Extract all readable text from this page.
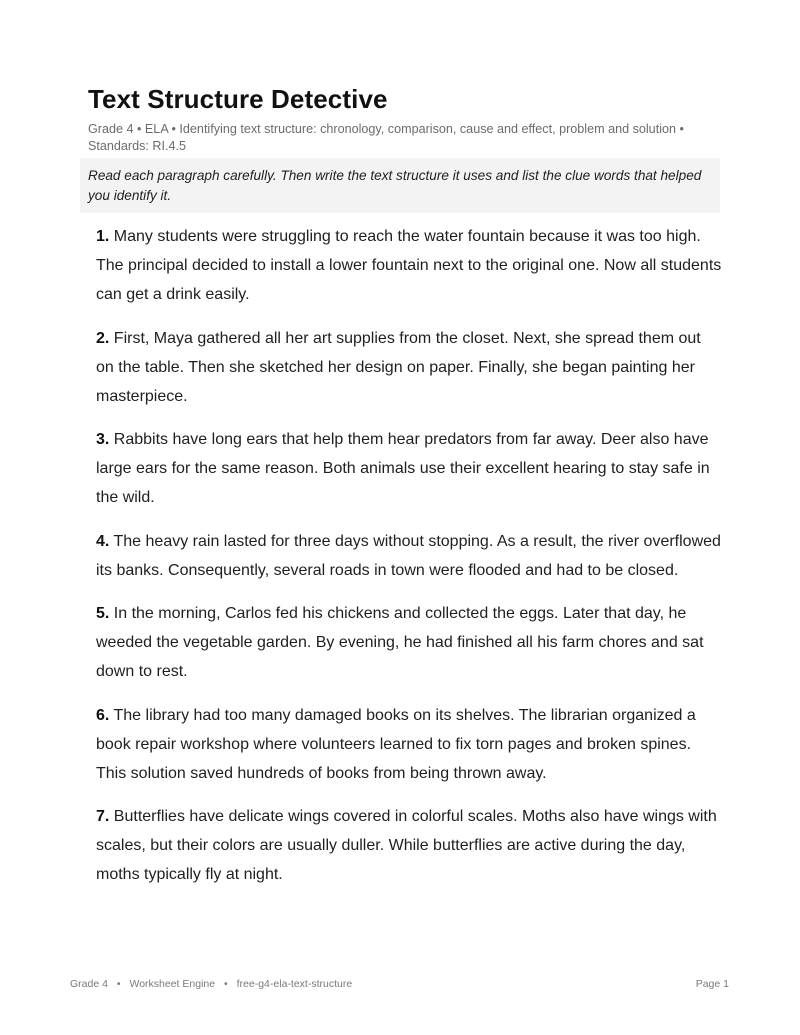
Text Structure Detective
Grade 4 • ELA • Identifying text structure: chronology, comparison, cause and effect, problem and solution • Standards: RI.4.5
Read each paragraph carefully. Then write the text structure it uses and list the clue words that helped you identify it.
1. Many students were struggling to reach the water fountain because it was too high. The principal decided to install a lower fountain next to the original one. Now all students can get a drink easily.
2. First, Maya gathered all her art supplies from the closet. Next, she spread them out on the table. Then she sketched her design on paper. Finally, she began painting her masterpiece.
3. Rabbits have long ears that help them hear predators from far away. Deer also have large ears for the same reason. Both animals use their excellent hearing to stay safe in the wild.
4. The heavy rain lasted for three days without stopping. As a result, the river overflowed its banks. Consequently, several roads in town were flooded and had to be closed.
5. In the morning, Carlos fed his chickens and collected the eggs. Later that day, he weeded the vegetable garden. By evening, he had finished all his farm chores and sat down to rest.
6. The library had too many damaged books on its shelves. The librarian organized a book repair workshop where volunteers learned to fix torn pages and broken spines. This solution saved hundreds of books from being thrown away.
7. Butterflies have delicate wings covered in colorful scales. Moths also have wings with scales, but their colors are usually duller. While butterflies are active during the day, moths typically fly at night.
Grade 4 • Worksheet Engine • free-g4-ela-text-structure	Page 1
